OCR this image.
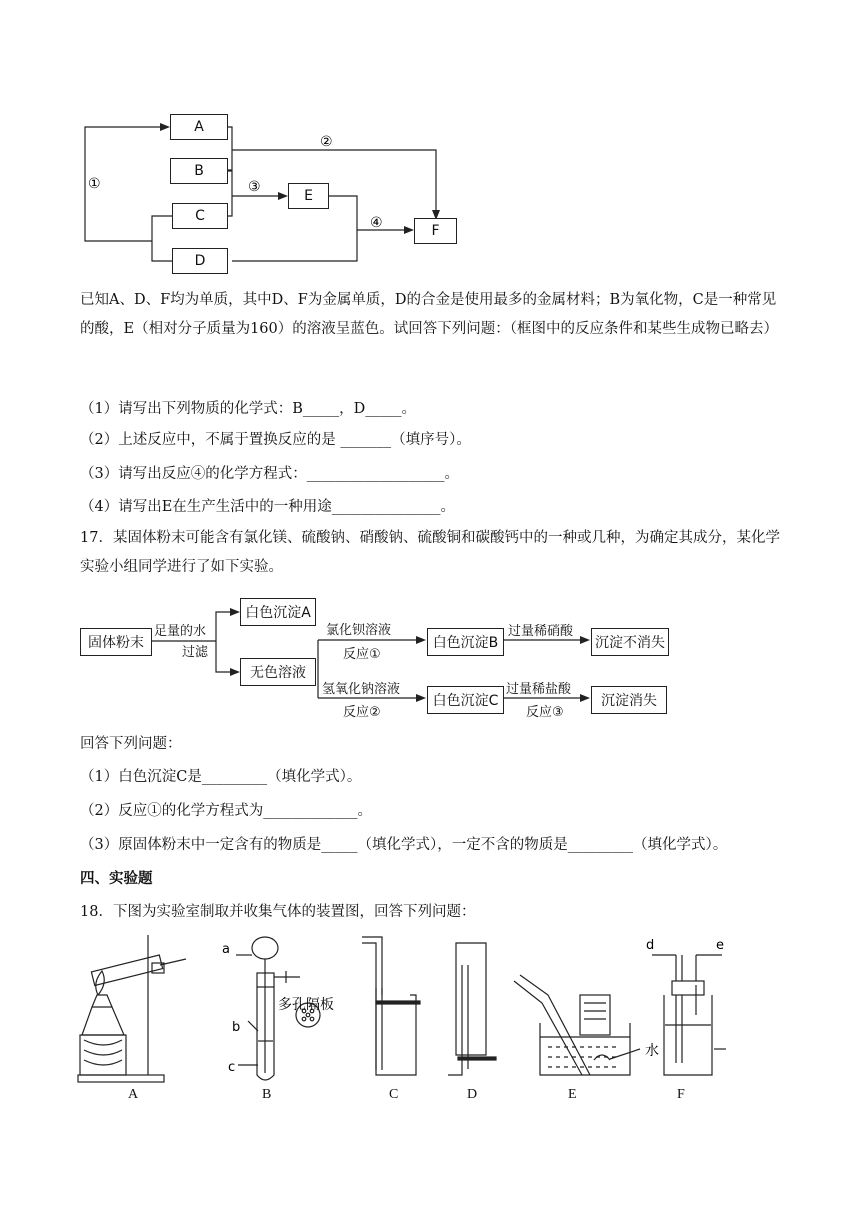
①
②
③
④
A
B
C
D
E
F
已知A、D、F均为单质，其中D、F为金属单质，D的合金是使用最多的金属材料；B为氧化物，C是一种常见的酸，E（相对分子质量为160）的溶液呈蓝色。试回答下列问题：（框图中的反应条件和某些生成物已略去）
（1）请写出下列物质的化学式：B_____，D_____。
（2）上述反应中，不属于置换反应的是 _______（填序号）。
（3）请写出反应④的化学方程式：___________________。
（4）请写出E在生产生活中的一种用途_______________。
17．某固体粉末可能含有氯化镁、硫酸钠、硝酸钠、硫酸铜和碳酸钙中的一种或几种，为确定其成分，某化学实验小组同学进行了如下实验。
固体粉末
足量的水
过滤
白色沉淀A
无色溶液
氯化钡溶液
反应①
白色沉淀B
过量稀硝酸
沉淀不消失
氢氧化钠溶液
反应②
白色沉淀C
过量稀盐酸
反应③
沉淀消失
回答下列问题：
（1）白色沉淀C是_________（填化学式）。
（2）反应①的化学方程式为_____________。
（3）原固体粉末中一定含有的物质是_____（填化学式），一定不含的物质是_________（填化学式）。
四、实验题
18．下图为实验室制取并收集气体的装置图，回答下列问题：
a
b
c
多孔隔板
水
d	e
A	B	C	D	E	F
